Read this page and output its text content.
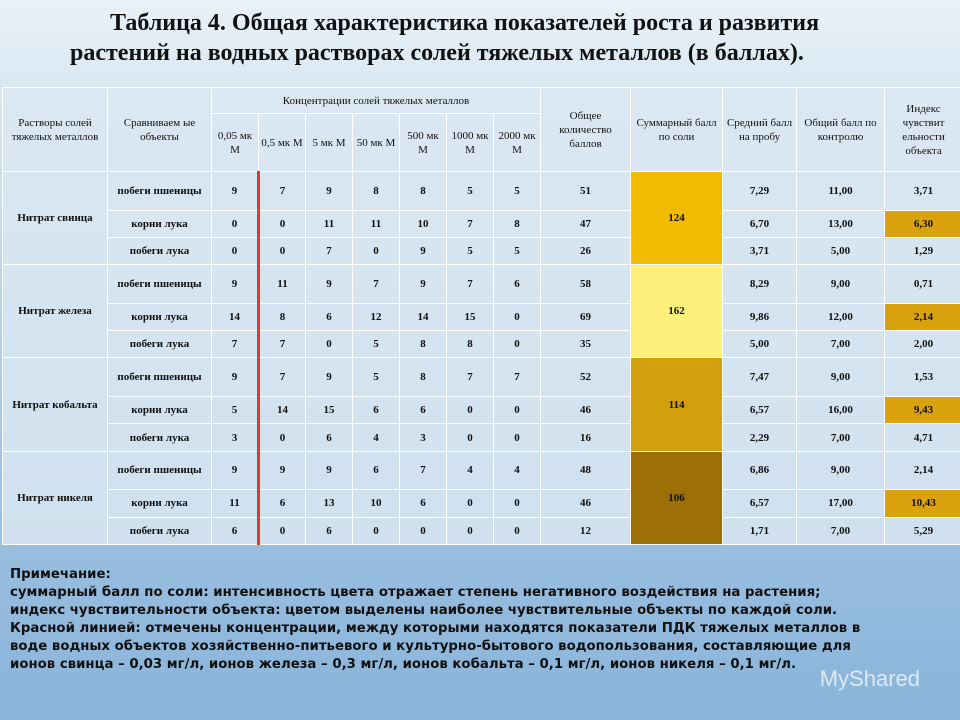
Таблица 4. Общая характеристика показателей роста и развития
растений на водных растворах солей тяжелых металлов (в баллах).
Растворы солей тяжелых металлов	Сравниваем ые объекты	Концентрации солей тяжелых металлов							Общее количество баллов	Суммарный балл по соли	Средний балл на пробу	Общий балл по контролю	Индекс чувствит ельности объекта
		0,05 мк М	0,5 мк М	5 мк М	50 мк М	500 мк М	1000 мк М	2000 мк М					
Нитрат свинца	побеги пшеницы	9	7	9	8	8	5	5	51	124	7,29	11,00	3,71
	корни лука	0	0	11	11	10	7	8	47		6,70	13,00	6,30
	побеги лука	0	0	7	0	9	5	5	26		3,71	5,00	1,29
Нитрат железа	побеги пшеницы	9	11	9	7	9	7	6	58	162	8,29	9,00	0,71
	корни лука	14	8	6	12	14	15	0	69		9,86	12,00	2,14
	побеги лука	7	7	0	5	8	8	0	35		5,00	7,00	2,00
Нитрат кобальта	побеги пшеницы	9	7	9	5	8	7	7	52	114	7,47	9,00	1,53
	корни лука	5	14	15	6	6	0	0	46		6,57	16,00	9,43
	побеги лука	3	0	6	4	3	0	0	16		2,29	7,00	4,71
Нитрат никеля	побеги пшеницы	9	9	9	6	7	4	4	48	106	6,86	9,00	2,14
	корни лука	11	6	13	10	6	0	0	46		6,57	17,00	10,43
	побеги лука	6	0	6	0	0	0	0	12		1,71	7,00	5,29
Примечание:
суммарный балл по соли: интенсивность цвета отражает степень негативного воздействия на растения;
индекс чувствительности объекта: цветом выделены наиболее чувствительные объекты по каждой соли.
Красной линией: отмечены концентрации, между которыми находятся показатели ПДК тяжелых металлов в
воде водных объектов хозяйственно-питьевого и культурно-бытового водопользования, составляющие для
ионов свинца – 0,03 мг/л, ионов железа – 0,3 мг/л, ионов кобальта – 0,1 мг/л, ионов никеля – 0,1 мг/л.
MyShared
